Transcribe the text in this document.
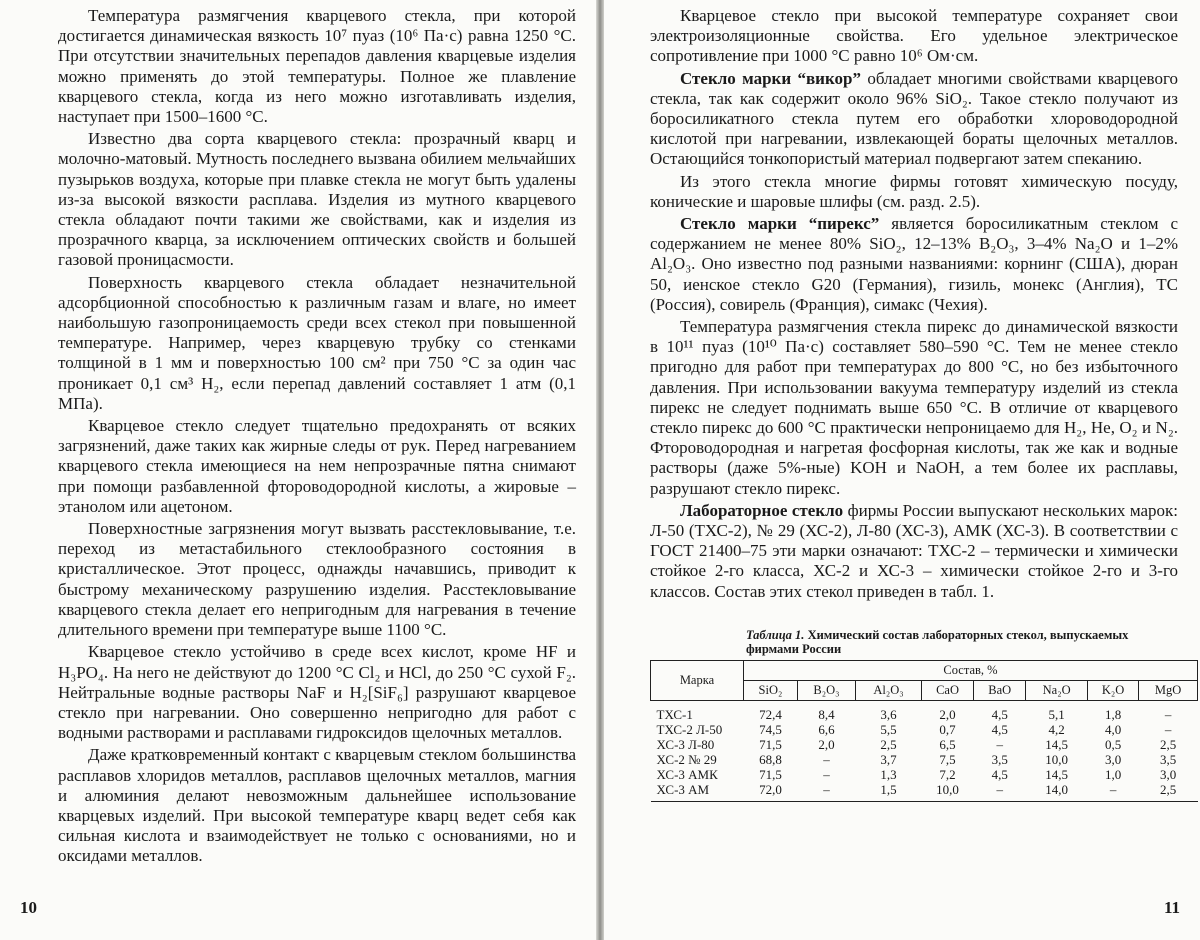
Температура размягчения кварцевого стекла, при которой достигается динамическая вязкость 10⁷ пуаз (10⁶ Па·с) равна 1250 °С. При отсутствии значительных перепадов давления кварцевые изделия можно применять до этой температуры. Полное же плавление кварцевого стекла, когда из него можно изготавливать изделия, наступает при 1500–1600 °С.

Известно два сорта кварцевого стекла: прозрачный кварц и молочно-матовый. Мутность последнего вызвана обилием мельчайших пузырьков воздуха, которые при плавке стекла не могут быть удалены из-за высокой вязкости расплава. Изделия из мутного кварцевого стекла обладают почти такими же свойствами, как и изделия из прозрачного кварца, за исключением оптических свойств и большей газовой проницасмости.

Поверхность кварцевого стекла обладает незначительной адсорбционной способностью к различным газам и влаге, но имеет наибольшую газопроницаемость среди всех стекол при повышенной температуре. Например, через кварцевую трубку со стенками толщиной в 1 мм и поверхностью 100 см² при 750 °С за один час проникает 0,1 см³ H₂, если перепад давлений составляет 1 атм (0,1 МПа).

Кварцевое стекло следует тщательно предохранять от всяких загрязнений, даже таких как жирные следы от рук. Перед нагреванием кварцевого стекла имеющиеся на нем непрозрачные пятна снимают при помощи разбавленной фтороводородной кислоты, а жировые – этанолом или ацетоном.

Поверхностные загрязнения могут вызвать расстекловывание, т.е. переход из метастабильного стеклообразного состояния в кристаллическое. Этот процесс, однажды начавшись, приводит к быстрому механическому разрушению изделия. Расстекловывание кварцевого стекла делает его непригодным для нагревания в течение длительного времени при температуре выше 1100 °С.

Кварцевое стекло устойчиво в среде всех кислот, кроме HF и H₃PO₄. На него не действуют до 1200 °С Cl₂ и HCl, до 250 °С сухой F₂. Нейтральные водные растворы NaF и H₂[SiF₆] разрушают кварцевое стекло при нагревании. Оно совершенно непригодно для работ с водными растворами и расплавами гидроксидов щелочных металлов.

Даже кратковременный контакт с кварцевым стеклом большинства расплавов хлоридов металлов, расплавов щелочных металлов, магния и алюминия делают невозможным дальнейшее использование кварцевых изделий. При высокой температуре кварц ведет себя как сильная кислота и взаимодействует не только с основаниями, но и оксидами металлов.

10

Кварцевое стекло при высокой температуре сохраняет свои электроизоляционные свойства. Его удельное электрическое сопротивление при 1000 °С равно 10⁶ Ом·см.

Стекло марки “викор” обладает многими свойствами кварцевого стекла, так как содержит около 96% SiO₂. Такое стекло получают из боросиликатного стекла путем его обработки хлороводородной кислотой при нагревании, извлекающей бораты щелочных металлов. Остающийся тонкопористый материал подвергают затем спеканию.

Из этого стекла многие фирмы готовят химическую посуду, конические и шаровые шлифы (см. разд. 2.5).

Стекло марки “пирекс” является боросиликатным стеклом с содержанием не менее 80% SiO₂, 12–13% B₂O₃, 3–4% Na₂O и 1–2% Al₂O₃. Оно известно под разными названиями: корнинг (США), дюран 50, иенское стекло G20 (Германия), гизиль, монекс (Англия), ТС (Россия), совирель (Франция), симакс (Чехия).

Температура размягчения стекла пирекс до динамической вязкости в 10¹¹ пуаз (10¹⁰ Па·с) составляет 580–590 °С. Тем не менее стекло пригодно для работ при температурах до 800 °С, но без избыточного давления. При использовании вакуума температуру изделий из стекла пирекс не следует поднимать выше 650 °С. В отличие от кварцевого стекло пирекс до 600 °С практически непроницаемо для H₂, He, O₂ и N₂. Фтороводородная и нагретая фосфорная кислоты, так же как и водные растворы (даже 5%-ные) KOH и NaOH, а тем более их расплавы, разрушают стекло пирекс.

Лабораторное стекло фирмы России выпускают нескольких марок: Л-50 (ТХС-2), № 29 (ХС-2), Л-80 (ХС-3), АМК (ХС-3). В соответствии с ГОСТ 21400–75 эти марки означают: ТХС-2 – термически и химически стойкое 2-го класса, ХС-2 и ХС-3 – химически стойкое 2-го и 3-го классов. Состав этих стекол приведен в табл. 1.

Таблица 1. Химический состав лабораторных стекол, выпускаемых фирмами России
Марка	Состав, %							
	SiO₂	B₂O₃	Al₂O₃	CaO	BaO	Na₂O	K₂O	MgO
ТХС-1	72,4	8,4	3,6	2,0	4,5	5,1	1,8	–
ТХС-2 Л-50	74,5	6,6	5,5	0,7	4,5	4,2	4,0	–
ХС-3 Л-80	71,5	2,0	2,5	6,5	–	14,5	0,5	2,5
ХС-2 № 29	68,8	–	3,7	7,5	3,5	10,0	3,0	3,5
ХС-3 АМК	71,5	–	1,3	7,2	4,5	14,5	1,0	3,0
ХС-3 АМ	72,0	–	1,5	10,0	–	14,0	–	2,5
11
